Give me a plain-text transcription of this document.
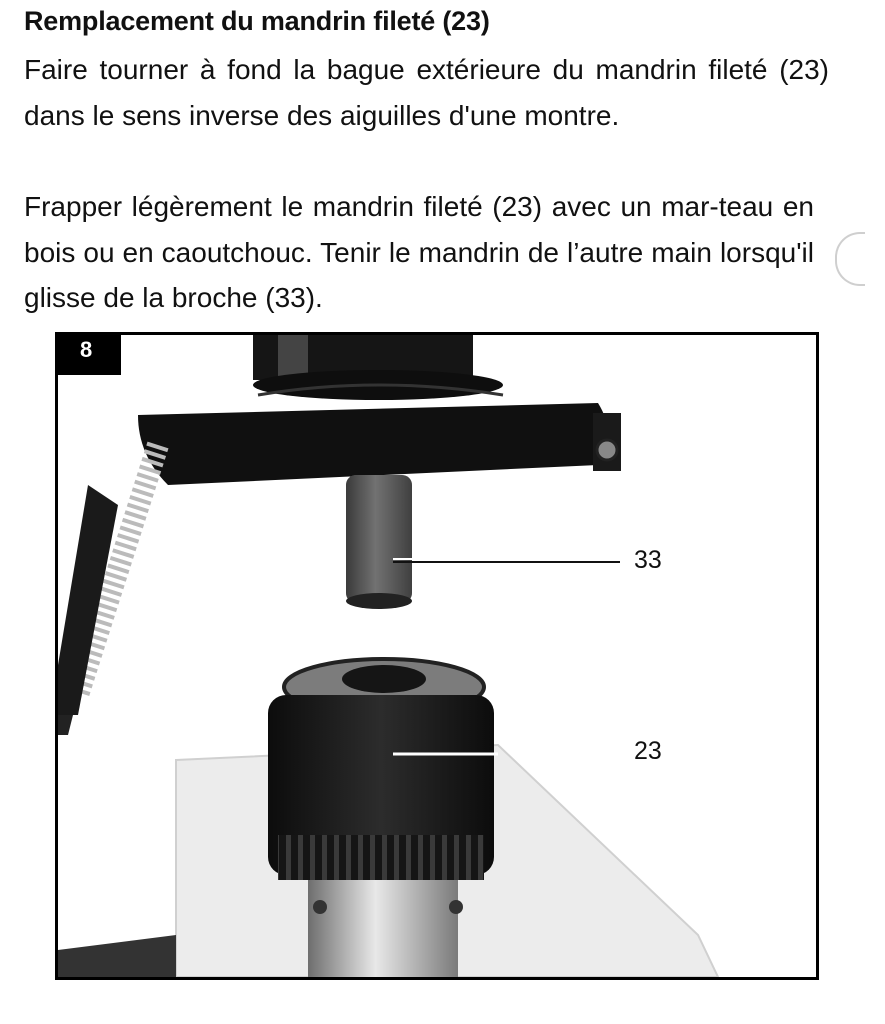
Remplacement du mandrin fileté (23)

Faire tourner à fond la bague extérieure du mandrin fileté (23) dans le sens inverse des aiguilles d'une montre.

Frapper légèrement le mandrin fileté (23) avec un mar-teau en bois ou en caoutchouc. Tenir le mandrin de l’autre main lorsqu'il glisse de la broche (33).

8
33
23
